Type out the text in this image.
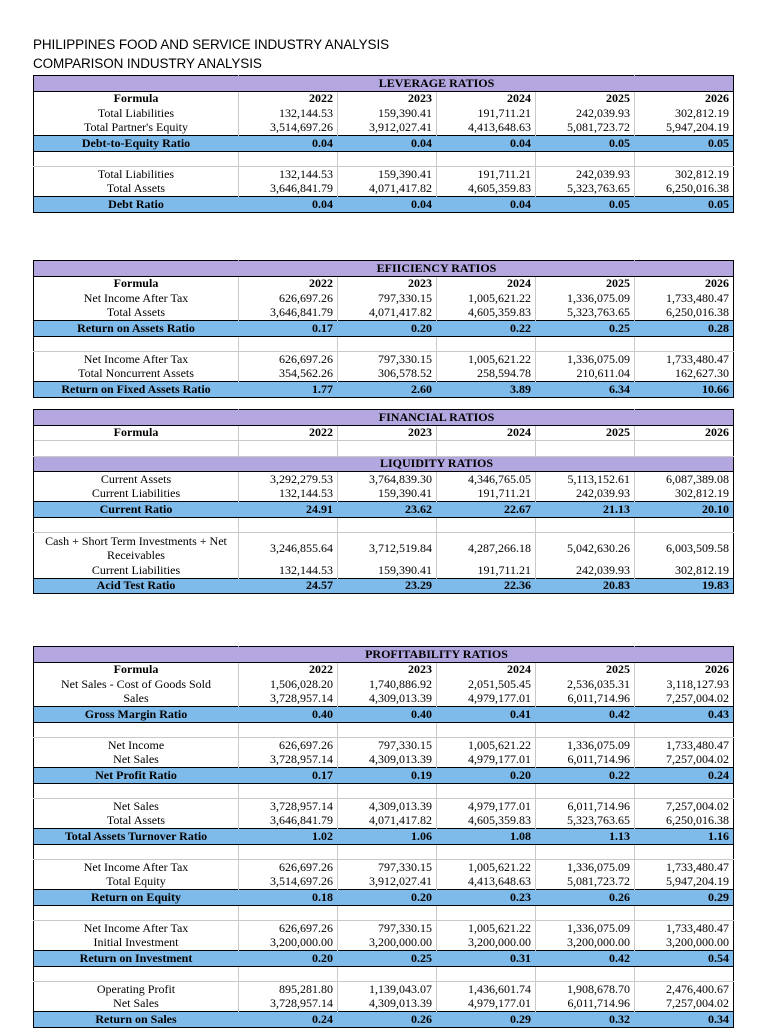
PHILIPPINES FOOD AND SERVICE INDUSTRY ANALYSIS
COMPARISON INDUSTRY ANALYSIS
	LEVERAGE RATIOS				
Formula	2022	2023	2024	2025	2026
Total Liabilities	132,144.53	159,390.41	191,711.21	242,039.93	302,812.19
Total Partner's Equity	3,514,697.26	3,912,027.41	4,413,648.63	5,081,723.72	5,947,204.19
Debt-to-Equity Ratio	0.04	0.04	0.04	0.05	0.05

Total Liabilities	132,144.53	159,390.41	191,711.21	242,039.93	302,812.19
Total Assets	3,646,841.79	4,071,417.82	4,605,359.83	5,323,763.65	6,250,016.38
Debt Ratio	0.04	0.04	0.04	0.05	0.05
	EFIICIENCY RATIOS				
Formula	2022	2023	2024	2025	2026
Net Income After Tax	626,697.26	797,330.15	1,005,621.22	1,336,075.09	1,733,480.47
Total Assets	3,646,841.79	4,071,417.82	4,605,359.83	5,323,763.65	6,250,016.38
Return on Assets Ratio	0.17	0.20	0.22	0.25	0.28

Net Income After Tax	626,697.26	797,330.15	1,005,621.22	1,336,075.09	1,733,480.47
Total Noncurrent Assets	354,562.26	306,578.52	258,594.78	210,611.04	162,627.30
Return on Fixed Assets Ratio	1.77	2.60	3.89	6.34	10.66
	FINANCIAL RATIOS				
Formula	2022	2023	2024	2025	2026

	LIQUIDITY RATIOS				
Current Assets	3,292,279.53	3,764,839.30	4,346,765.05	5,113,152.61	6,087,389.08
Current Liabilities	132,144.53	159,390.41	191,711.21	242,039.93	302,812.19
Current Ratio	24.91	23.62	22.67	21.13	20.10

Cash + Short Term Investments + Net Receivables	3,246,855.64	3,712,519.84	4,287,266.18	5,042,630.26	6,003,509.58
Current Liabilities	132,144.53	159,390.41	191,711.21	242,039.93	302,812.19
Acid Test Ratio	24.57	23.29	22.36	20.83	19.83
	PROFITABILITY RATIOS				
Formula	2022	2023	2024	2025	2026
Net Sales - Cost of Goods Sold	1,506,028.20	1,740,886.92	2,051,505.45	2,536,035.31	3,118,127.93
Sales	3,728,957.14	4,309,013.39	4,979,177.01	6,011,714.96	7,257,004.02
Gross Margin Ratio	0.40	0.40	0.41	0.42	0.43

Net Income	626,697.26	797,330.15	1,005,621.22	1,336,075.09	1,733,480.47
Net Sales	3,728,957.14	4,309,013.39	4,979,177.01	6,011,714.96	7,257,004.02
Net Profit Ratio	0.17	0.19	0.20	0.22	0.24

Net Sales	3,728,957.14	4,309,013.39	4,979,177.01	6,011,714.96	7,257,004.02
Total Assets	3,646,841.79	4,071,417.82	4,605,359.83	5,323,763.65	6,250,016.38
Total Assets Turnover Ratio	1.02	1.06	1.08	1.13	1.16

Net Income After Tax	626,697.26	797,330.15	1,005,621.22	1,336,075.09	1,733,480.47
Total Equity	3,514,697.26	3,912,027.41	4,413,648.63	5,081,723.72	5,947,204.19
Return on Equity	0.18	0.20	0.23	0.26	0.29

Net Income After Tax	626,697.26	797,330.15	1,005,621.22	1,336,075.09	1,733,480.47
Initial Investment	3,200,000.00	3,200,000.00	3,200,000.00	3,200,000.00	3,200,000.00
Return on Investment	0.20	0.25	0.31	0.42	0.54

Operating Profit	895,281.80	1,139,043.07	1,436,601.74	1,908,678.70	2,476,400.67
Net Sales	3,728,957.14	4,309,013.39	4,979,177.01	6,011,714.96	7,257,004.02
Return on Sales	0.24	0.26	0.29	0.32	0.34
